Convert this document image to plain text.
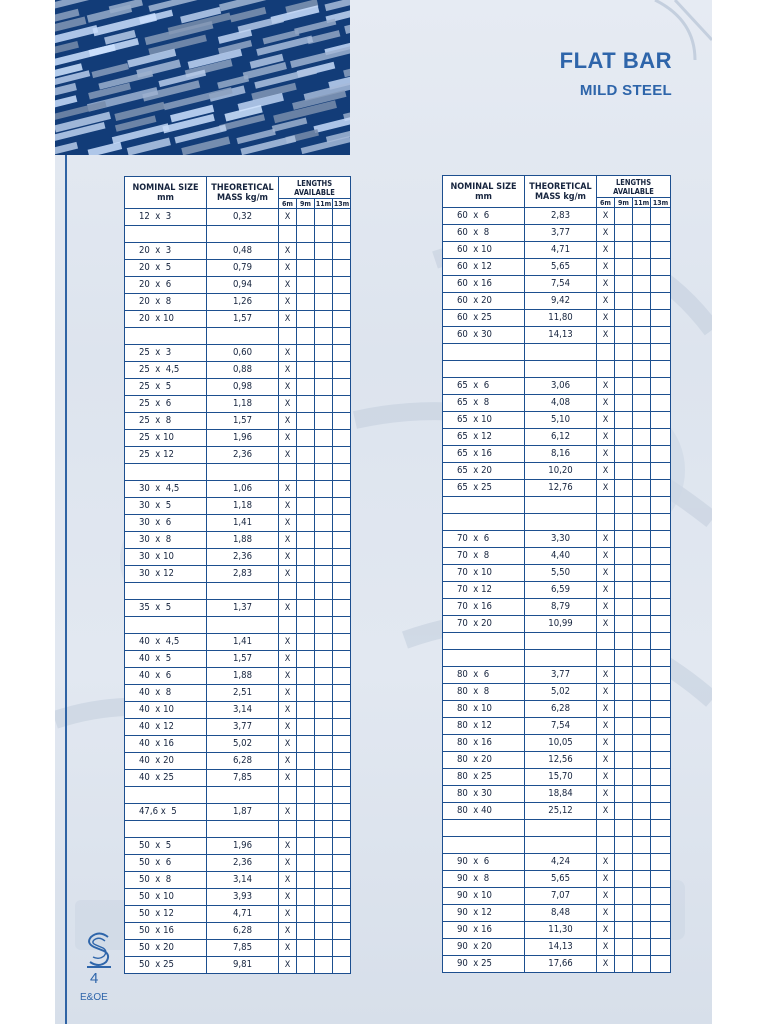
FLAT BAR
MILD STEEL
NOMINAL SIZE
mm	THEORETICAL
MASS kg/m	LENGTHS
AVAILABLE			
		6m	9m	11m	13m
12  x  3	0,32	X			

20  x  3	0,48	X			
20  x  5	0,79	X			
20  x  6	0,94	X			
20  x  8	1,26	X			
20  x 10	1,57	X			

25  x  3	0,60	X			
25  x  4,5	0,88	X			
25  x  5	0,98	X			
25  x  6	1,18	X			
25  x  8	1,57	X			
25  x 10	1,96	X			
25  x 12	2,36	X			

30  x  4,5	1,06	X			
30  x  5	1,18	X			
30  x  6	1,41	X			
30  x  8	1,88	X			
30  x 10	2,36	X			
30  x 12	2,83	X			

35  x  5	1,37	X			

40  x  4,5	1,41	X			
40  x  5	1,57	X			
40  x  6	1,88	X			
40  x  8	2,51	X			
40  x 10	3,14	X			
40  x 12	3,77	X			
40  x 16	5,02	X			
40  x 20	6,28	X			
40  x 25	7,85	X			

47,6 x  5	1,87	X			

50  x  5	1,96	X			
50  x  6	2,36	X			
50  x  8	3,14	X			
50  x 10	3,93	X			
50  x 12	4,71	X			
50  x 16	6,28	X			
50  x 20	7,85	X			
50  x 25	9,81	X			
NOMINAL SIZE
mm	THEORETICAL
MASS kg/m	LENGTHS
AVAILABLE			
		6m	9m	11m	13m
60  x  6	2,83	X			
60  x  8	3,77	X			
60  x 10	4,71	X			
60  x 12	5,65	X			
60  x 16	7,54	X			
60  x 20	9,42	X			
60  x 25	11,80	X			
60  x 30	14,13	X			

65  x  6	3,06	X			
65  x  8	4,08	X			
65  x 10	5,10	X			
65  x 12	6,12	X			
65  x 16	8,16	X			
65  x 20	10,20	X			
65  x 25	12,76	X			

70  x  6	3,30	X			
70  x  8	4,40	X			
70  x 10	5,50	X			
70  x 12	6,59	X			
70  x 16	8,79	X			
70  x 20	10,99	X			

80  x  6	3,77	X			
80  x  8	5,02	X			
80  x 10	6,28	X			
80  x 12	7,54	X			
80  x 16	10,05	X			
80  x 20	12,56	X			
80  x 25	15,70	X			
80  x 30	18,84	X			
80  x 40	25,12	X			

90  x  6	4,24	X			
90  x  8	5,65	X			
90  x 10	7,07	X			
90  x 12	8,48	X			
90  x 16	11,30	X			
90  x 20	14,13	X			
90  x 25	17,66	X			
4
E&OE
